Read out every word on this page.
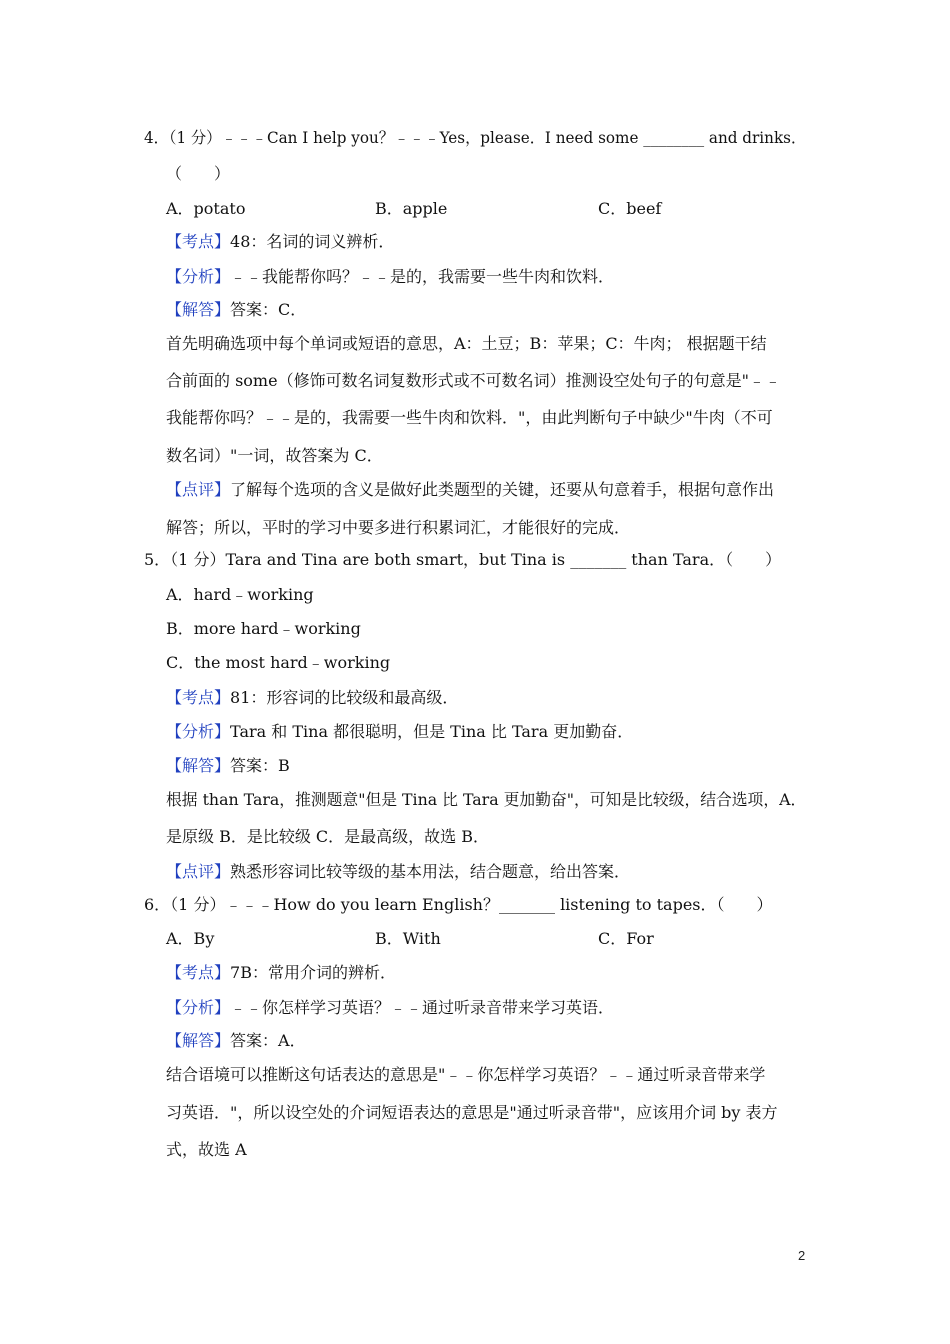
4．（1 分）﹣﹣﹣Can I help you？﹣﹣﹣Yes，please．I need some ________ and drinks．
（　　）
A．potato	B．apple	C．beef
【考点】48：名词的词义辨析．
【分析】﹣﹣我能帮你吗？﹣﹣是的，我需要一些牛肉和饮料．
【解答】答案：C．
首先明确选项中每个单词或短语的意思，A：土豆；B：苹果；C：牛肉； 根据题干结
合前面的 some（修饰可数名词复数形式或不可数名词）推测设空处句子的句意是"﹣﹣
我能帮你吗？﹣﹣是的，我需要一些牛肉和饮料．"，由此判断句子中缺少"牛肉（不可
数名词）"一词，故答案为 C．
【点评】了解每个选项的含义是做好此类题型的关键，还要从句意着手，根据句意作出
解答；所以，平时的学习中要多进行积累词汇，才能很好的完成．
5．（1 分）Tara and Tina are both smart，but Tina is _______ than Tara．（　　）
A．hard﹣working
B．more hard﹣working
C．the most hard﹣working
【考点】81：形容词的比较级和最高级．
【分析】Tara 和 Tina 都很聪明，但是 Tina 比 Tara 更加勤奋．
【解答】答案：B
根据 than Tara，推测题意"但是 Tina 比 Tara 更加勤奋"，可知是比较级，结合选项，A．
是原级 B．是比较级 C．是最高级，故选 B．
【点评】熟悉形容词比较等级的基本用法，结合题意，给出答案．
6．（1 分）﹣﹣﹣How do you learn English？_______ listening to tapes．（　　）
A．By	B．With	C．For
【考点】7B：常用介词的辨析．
【分析】﹣﹣你怎样学习英语？﹣﹣通过听录音带来学习英语．
【解答】答案：A．
结合语境可以推断这句话表达的意思是"﹣﹣你怎样学习英语？﹣﹣通过听录音带来学
习英语．"，所以设空处的介词短语表达的意思是"通过听录音带"，应该用介词 by 表方
式，故选 A
2
